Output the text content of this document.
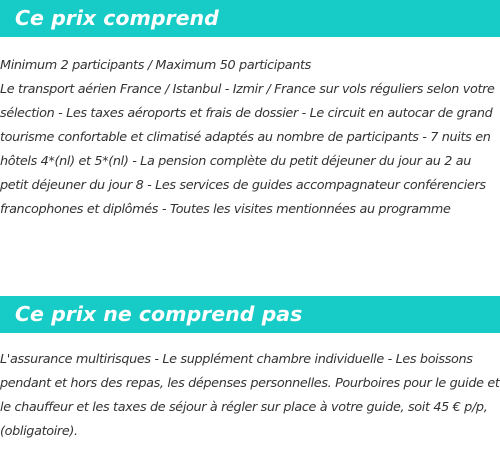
Ce prix comprend

Minimum 2 participants / Maximum 50 participants

Le transport aérien France / Istanbul - Izmir / France sur vols réguliers selon votre sélection - Les taxes aéroports et frais de dossier - Le circuit en autocar de grand tourisme confortable et climatisé adaptés au nombre de participants - 7 nuits en hôtels 4*(nl) et 5*(nl) - La pension complète du petit déjeuner du jour au 2 au petit déjeuner du jour 8 - Les services de guides accompagnateur conférenciers francophones et diplômés - Toutes les visites mentionnées au programme

Ce prix ne comprend pas

L'assurance multirisques - Le supplément chambre individuelle - Les boissons pendant et hors des repas, les dépenses personnelles. Pourboires pour le guide et le chauffeur et les taxes de séjour à régler sur place à votre guide, soit 45 € p/p, (obligatoire).
